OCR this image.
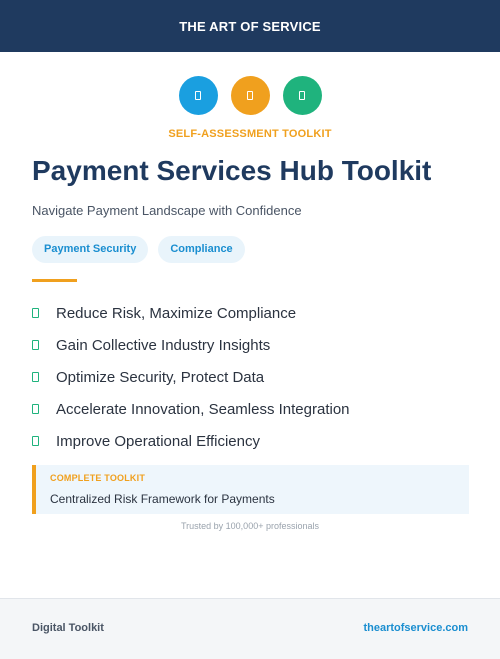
THE ART OF SERVICE
SELF-ASSESSMENT TOOLKIT
Payment Services Hub Toolkit
Navigate Payment Landscape with Confidence
Payment Security	Compliance
Reduce Risk, Maximize Compliance
Gain Collective Industry Insights
Optimize Security, Protect Data
Accelerate Innovation, Seamless Integration
Improve Operational Efficiency
COMPLETE TOOLKIT
Centralized Risk Framework for Payments
Trusted by 100,000+ professionals
Digital Toolkit	theartofservice.com
